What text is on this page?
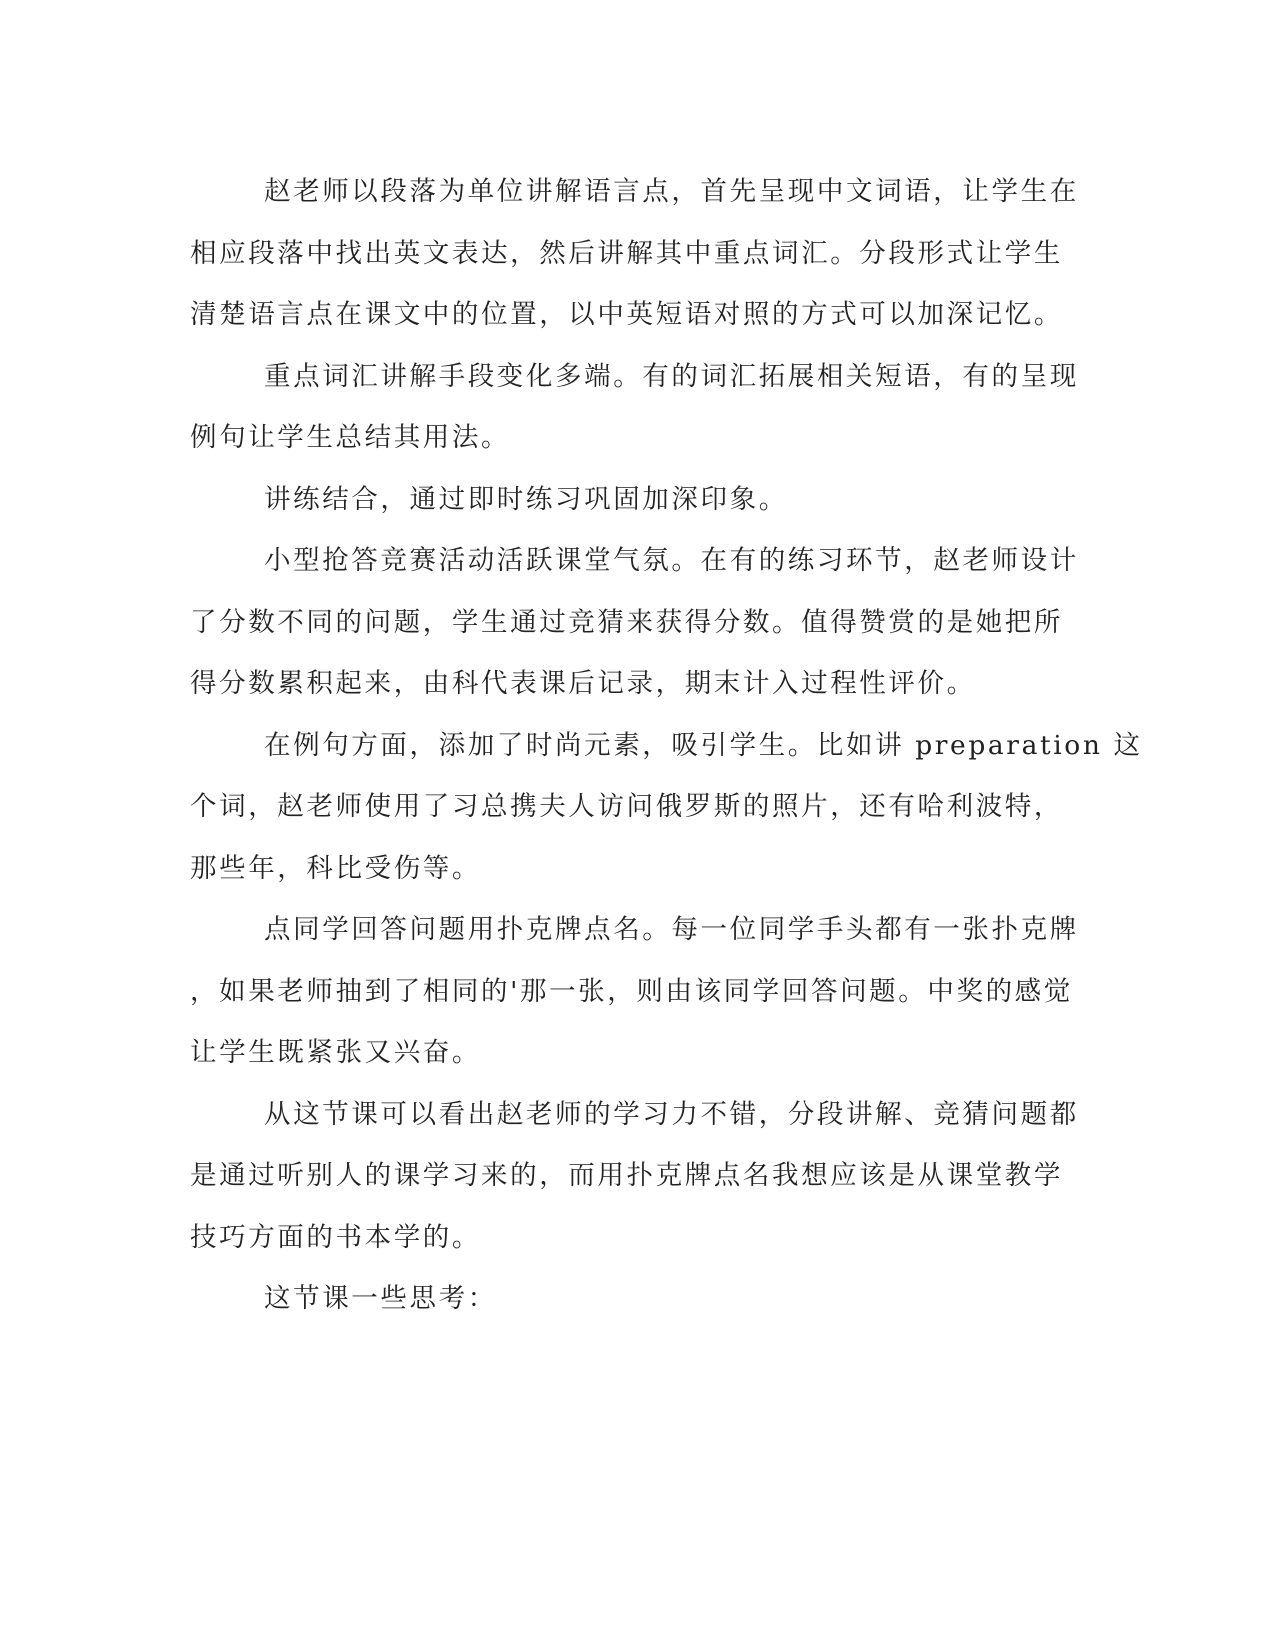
赵老师以段落为单位讲解语言点，首先呈现中文词语，让学生在
相应段落中找出英文表达，然后讲解其中重点词汇。分段形式让学生
清楚语言点在课文中的位置，以中英短语对照的方式可以加深记忆。
重点词汇讲解手段变化多端。有的词汇拓展相关短语，有的呈现
例句让学生总结其用法。
讲练结合，通过即时练习巩固加深印象。
小型抢答竞赛活动活跃课堂气氛。在有的练习环节，赵老师设计
了分数不同的问题，学生通过竞猜来获得分数。值得赞赏的是她把所
得分数累积起来，由科代表课后记录，期末计入过程性评价。
在例句方面，添加了时尚元素，吸引学生。比如讲 preparation 这
个词，赵老师使用了习总携夫人访问俄罗斯的照片，还有哈利波特，
那些年，科比受伤等。
点同学回答问题用扑克牌点名。每一位同学手头都有一张扑克牌
，如果老师抽到了相同的'那一张，则由该同学回答问题。中奖的感觉
让学生既紧张又兴奋。
从这节课可以看出赵老师的学习力不错，分段讲解、竞猜问题都
是通过听别人的课学习来的，而用扑克牌点名我想应该是从课堂教学
技巧方面的书本学的。
这节课一些思考：
